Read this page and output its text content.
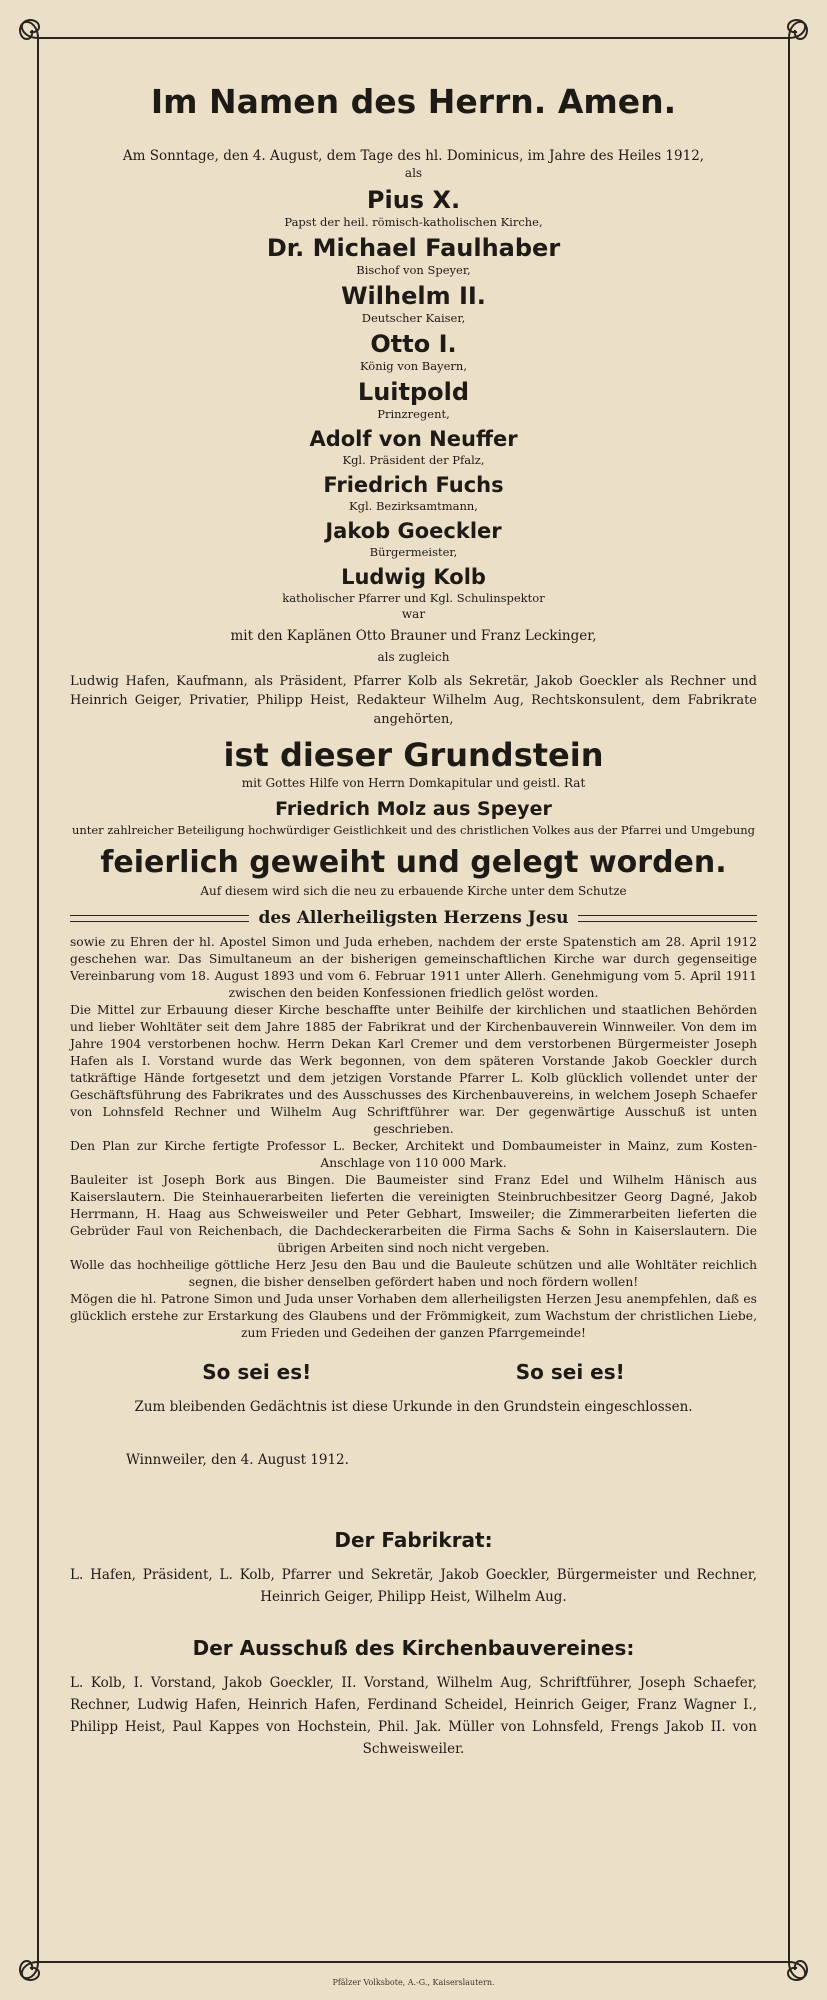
Im Namen des Herrn. Amen.

Am Sonntage, den 4. August, dem Tage des hl. Dominicus, im Jahre des Heiles 1912,

als

Pius X.

Papst der heil. römisch-katholischen Kirche,

Dr. Michael Faulhaber

Bischof von Speyer,

Wilhelm II.

Deutscher Kaiser,

Otto I.

König von Bayern,

Luitpold

Prinzregent,

Adolf von Neuffer

Kgl. Präsident der Pfalz,

Friedrich Fuchs

Kgl. Bezirksamtmann,

Jakob Goeckler

Bürgermeister,

Ludwig Kolb

katholischer Pfarrer und Kgl. Schulinspektor

war

mit den Kaplänen Otto Brauner und Franz Leckinger,

als zugleich

Ludwig Hafen, Kaufmann, als Präsident, Pfarrer Kolb als Sekretär, Jakob Goeckler als Rechner und Heinrich Geiger, Privatier, Philipp Heist, Redakteur Wilhelm Aug, Rechtskonsulent, dem Fabrikrate angehörten,

ist dieser Grundstein

mit Gottes Hilfe von Herrn Domkapitular und geistl. Rat

Friedrich Molz aus Speyer

unter zahlreicher Beteiligung hochwürdiger Geistlichkeit und des christlichen Volkes aus der Pfarrei und Umgebung

feierlich geweiht und gelegt worden.

Auf diesem wird sich die neu zu erbauende Kirche unter dem Schutze

des Allerheiligsten Herzens Jesu

sowie zu Ehren der hl. Apostel Simon und Juda erheben, nachdem der erste Spatenstich am 28. April 1912 geschehen war. Das Simultaneum an der bisherigen gemeinschaftlichen Kirche war durch gegenseitige Vereinbarung vom 18. August 1893 und vom 6. Februar 1911 unter Allerh. Genehmigung vom 5. April 1911 zwischen den beiden Konfessionen friedlich gelöst worden.

Die Mittel zur Erbauung dieser Kirche beschaffte unter Beihilfe der kirchlichen und staatlichen Behörden und lieber Wohltäter seit dem Jahre 1885 der Fabrikrat und der Kirchenbauverein Winnweiler. Von dem im Jahre 1904 verstorbenen hochw. Herrn Dekan Karl Cremer und dem verstorbenen Bürgermeister Joseph Hafen als I. Vorstand wurde das Werk begonnen, von dem späteren Vorstande Jakob Goeckler durch tatkräftige Hände fortgesetzt und dem jetzigen Vorstande Pfarrer L. Kolb glücklich vollendet unter der Geschäftsführung des Fabrikrates und des Ausschusses des Kirchenbauvereins, in welchem Joseph Schaefer von Lohnsfeld Rechner und Wilhelm Aug Schriftführer war. Der gegenwärtige Ausschuß ist unten geschrieben.

Den Plan zur Kirche fertigte Professor L. Becker, Architekt und Dombaumeister in Mainz, zum Kosten-Anschlage von 110 000 Mark.

Bauleiter ist Joseph Bork aus Bingen. Die Baumeister sind Franz Edel und Wilhelm Hänisch aus Kaiserslautern. Die Steinhauerarbeiten lieferten die vereinigten Steinbruchbesitzer Georg Dagné, Jakob Herrmann, H. Haag aus Schweisweiler und Peter Gebhart, Imsweiler; die Zimmerarbeiten lieferten die Gebrüder Faul von Reichenbach, die Dachdeckerarbeiten die Firma Sachs & Sohn in Kaiserslautern. Die übrigen Arbeiten sind noch nicht vergeben.

Wolle das hochheilige göttliche Herz Jesu den Bau und die Bauleute schützen und alle Wohltäter reichlich segnen, die bisher denselben gefördert haben und noch fördern wollen!

Mögen die hl. Patrone Simon und Juda unser Vorhaben dem allerheiligsten Herzen Jesu anempfehlen, daß es glücklich erstehe zur Erstarkung des Glaubens und der Frömmigkeit, zum Wachstum der christlichen Liebe, zum Frieden und Gedeihen der ganzen Pfarrgemeinde!

So sei es!	So sei es!

Zum bleibenden Gedächtnis ist diese Urkunde in den Grundstein eingeschlossen.

Winnweiler, den 4. August 1912.
Der Fabrikrat:

L. Hafen, Präsident, L. Kolb, Pfarrer und Sekretär, Jakob Goeckler, Bürgermeister und Rechner, Heinrich Geiger, Philipp Heist, Wilhelm Aug.

Der Ausschuß des Kirchenbauvereines:

L. Kolb, I. Vorstand, Jakob Goeckler, II. Vorstand, Wilhelm Aug, Schriftführer, Joseph Schaefer, Rechner, Ludwig Hafen, Heinrich Hafen, Ferdinand Scheidel, Heinrich Geiger, Franz Wagner I., Philipp Heist, Paul Kappes von Hochstein, Phil. Jak. Müller von Lohnsfeld, Frengs Jakob II. von Schweisweiler.

Pfälzer Volksbote, A.-G., Kaiserslautern.
